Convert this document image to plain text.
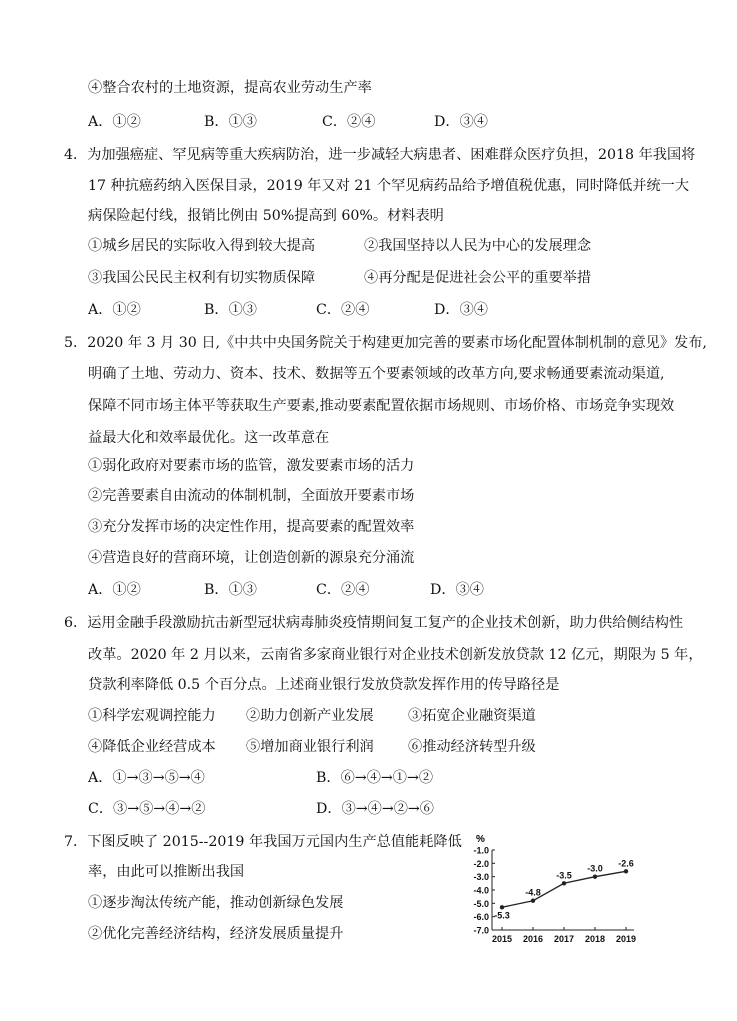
④整合农村的土地资源，提高农业劳动生产率
A．①②	B．①③	C．②④	D．③④
4．为加强癌症、罕见病等重大疾病防治，进一步减轻大病患者、困难群众医疗负担，2018 年我国将
17 种抗癌药纳入医保目录，2019 年又对 21 个罕见病药品给予增值税优惠，同时降低并统一大
病保险起付线，报销比例由 50%提高到 60%。材料表明
①城乡居民的实际收入得到较大提高	②我国坚持以人民为中心的发展理念
③我国公民民主权利有切实物质保障	④再分配是促进社会公平的重要举措
A．①②	B．①③	C．②④	D．③④
5．2020 年 3 月 30 日,《中共中央国务院关于构建更加完善的要素市场化配置体制机制的意见》发布,
明确了土地、劳动力、资本、技术、数据等五个要素领域的改革方向,要求畅通要素流动渠道,
保障不同市场主体平等获取生产要素,推动要素配置依据市场规则、市场价格、市场竞争实现效
益最大化和效率最优化。这一改革意在
①弱化政府对要素市场的监管，激发要素市场的活力
②完善要素自由流动的体制机制，全面放开要素市场
③充分发挥市场的决定性作用，提高要素的配置效率
④营造良好的营商环境，让创造创新的源泉充分涌流
A．①②	B．①③	C．②④	D．③④
6．运用金融手段激励抗击新型冠状病毒肺炎疫情期间复工复产的企业技术创新，助力供给侧结构性
改革。2020 年 2 月以来，云南省多家商业银行对企业技术创新发放贷款 12 亿元，期限为 5 年，
贷款利率降低 0.5 个百分点。上述商业银行发放贷款发挥作用的传导路径是
①科学宏观调控能力 ②助力创新产业发展 ③拓宽企业融资渠道
④降低企业经营成本 ⑤增加商业银行利润 ⑥推动经济转型升级
A．①→③→⑤→④	B．⑥→④→①→②
C．③→⑤→④→②	D．③→④→②→⑥
7．下图反映了 2015--2019 年我国万元国内生产总值能耗降低
率，由此可以推断出我国
①逐步淘汰传统产能，推动创新绿色发展
②优化完善经济结构，经济发展质量提升
%
-1.0
-2.0
-3.0
-4.0
-5.0
-6.0
-7.0
2015 2016 2017 2018 2019
-5.3
-4.8
-3.5
-3.0
-2.6
